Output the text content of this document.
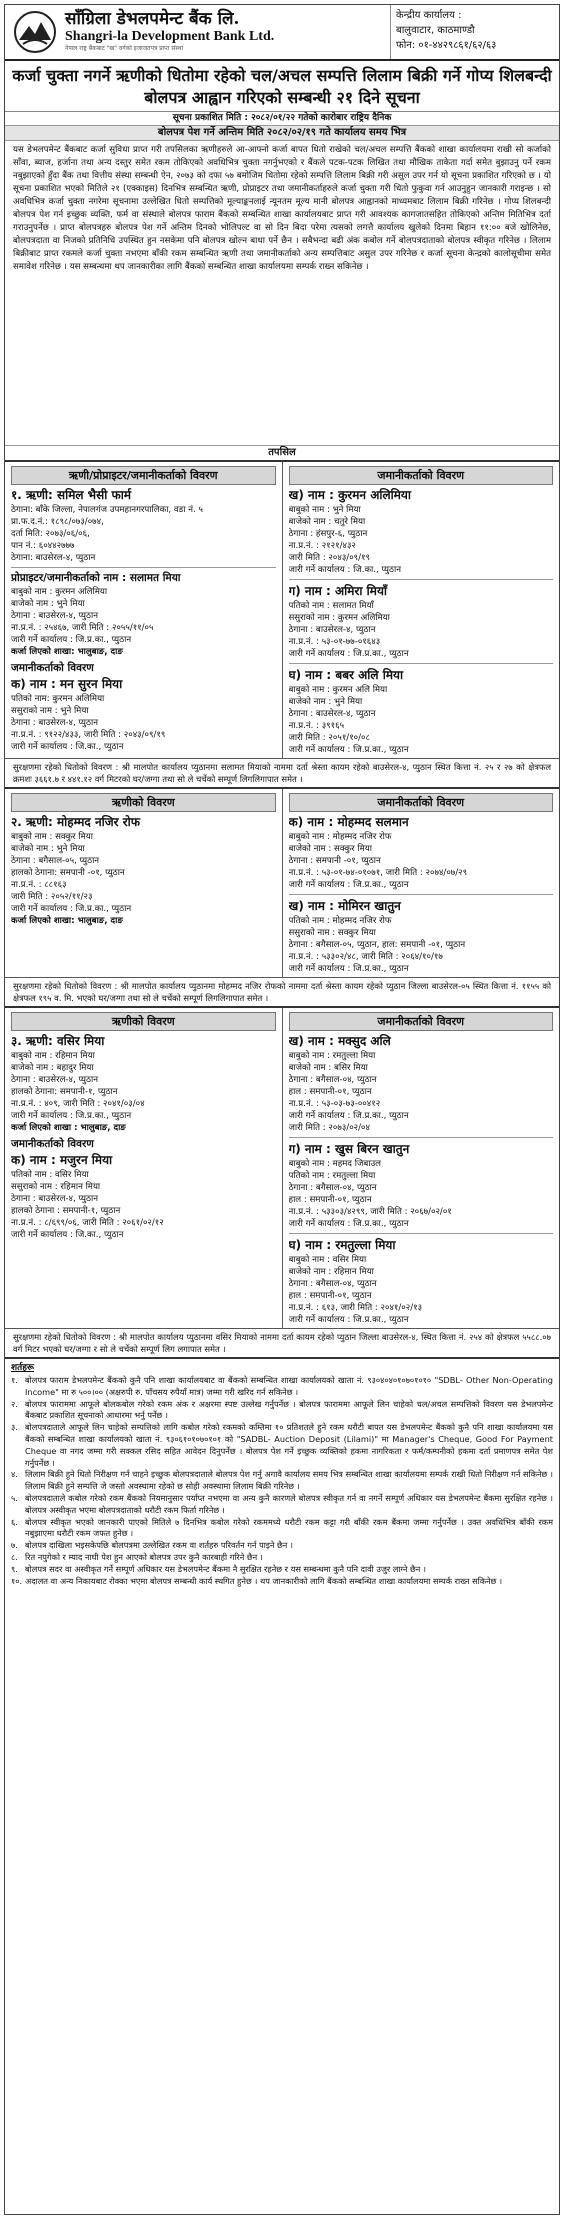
साँग्रिला डेभलपमेन्ट बैंक लि.
Shangri-la Development Bank Ltd.
नेपाल राष्ट्र बैंकबाट "ख" वर्गको इजाजतपत्र प्राप्त संस्था
केन्द्रीय कार्यालय :
बालुवाटार, काठमाण्डौ
फोन: ०१-४४२९८६१/६२/६३
कर्जा चुक्ता नगर्ने ऋणीको धितोमा रहेको चल/अचल सम्पत्ति लिलाम बिक्री गर्ने गोप्य शिलबन्दी बोलपत्र आह्वान गरिएको सम्बन्धी २१ दिने सूचना
सूचना प्रकाशित मिति : २०८२/०१/२२ गतेको कारोबार राष्ट्रिय दैनिक
बोलपत्र पेश गर्ने अन्तिम मिति २०८२/०२/१९ गते कार्यालय समय भित्र
यस डेभलपमेन्ट बैंकबाट कर्जा सुविधा प्राप्त गरी तपसिलका ऋणीहरुले आ-आफ्नो कर्जा बापत धितो राखेको चल/अचल सम्पत्ति बैंकको शाखा कार्यालयमा राखी सो कर्जाको साँवा, ब्याज, हर्जाना तथा अन्य दस्तुर समेत रकम तोकिएको अवधिभित्र चुक्ता नगर्नुभएको र बैंकले पटक-पटक लिखित तथा मौखिक ताकेता गर्दा समेत बुझाउनु पर्ने रकम नबुझाएको हुँदा बैंक तथा वित्तीय संस्था सम्बन्धी ऐन, २०७३ को दफा ५७ बमोजिम धितोमा रहेको सम्पत्ति लिलाम बिक्री गरी असुल उपर गर्न यो सूचना प्रकाशित गरिएको छ । यो सूचना प्रकाशित भएको मितिले २१ (एक्काइस) दिनभित्र सम्बन्धित ऋणी, प्रोप्राइटर तथा जमानीकर्ताहरुले कर्जा चुक्ता गरी धितो फुकुवा गर्न आउनुहुन जानकारी गराइन्छ । सो अवधिभित्र कर्जा चुक्ता नगरेमा सूचनामा उल्लेखित धितो सम्पत्तिको मूल्याङ्कनलाई न्यूनतम मूल्य मानी बोलपत्र आह्वानको माध्यमबाट लिलाम बिक्री गरिनेछ । गोप्य शिलबन्दी बोलपत्र पेश गर्न इच्छुक व्यक्ति, फर्म वा संस्थाले बोलपत्र फाराम बैंकको सम्बन्धित शाखा कार्यालयबाट प्राप्त गरी आवश्यक कागजातसहित तोकिएको अन्तिम मितिभित्र दर्ता गराउनुपर्नेछ । प्राप्त बोलपत्रहरु बोलपत्र पेश गर्ने अन्तिम दिनको भोलिपल्ट वा सो दिन बिदा परेमा त्यसको लगत्तै कार्यालय खुलेको दिनमा बिहान ११:०० बजे खोलिनेछ, बोलपत्रदाता वा निजको प्रतिनिधि उपस्थित हुन नसकेमा पनि बोलपत्र खोल्न बाधा पर्ने छैन । सबैभन्दा बढी अंक कबोल गर्ने बोलपत्रदाताको बोलपत्र स्वीकृत गरिनेछ । लिलाम बिक्रीबाट प्राप्त रकमले कर्जा चुक्ता नभएमा बाँकी रकम सम्बन्धित ऋणी तथा जमानीकर्ताको अन्य सम्पत्तिबाट असुल उपर गरिनेछ र कर्जा सूचना केन्द्रको कालोसूचीमा समेत समावेश गरिनेछ । यस सम्बन्धमा थप जानकारीका लागि बैंकको सम्बन्धित शाखा कार्यालयमा सम्पर्क राख्न सकिनेछ ।
तपसिल
ऋणी/प्रोप्राइटर/जमानीकर्ताको विवरण
१. ऋणी: समिल भैसी फार्म
ठेगाना: बाँके जिल्ला, नेपालगंज उपमहानगरपालिका, वडा नं. ५
प्रा.फ.द.नं.: १८९८/०७३/०७४,
दर्ता मिति: २०७३/०६/०६,
पान नं.: ६०४४२७७७
ठेगाना: बाउसेरल-४, प्युठान
प्रोप्राइटर/जमानीकर्ताको नाम : सलामत मिया
बाबुको नाम : कुरमन अलिमिया
बाजेको नाम : भुने मिया
ठेगाना : बाउसेरल-४, प्युठान
ना.प्र.नं. : २५४६७, जारी मिति : २०५५/११/०५
जारी गर्ने कार्यालय : जि.प्र.का., प्युठान
कर्जा लिएको शाखा: भालुबाङ, दाङ
जमानीकर्ताको विवरण
क) नाम : मन सुरन मिया
पतिको नाम: कुरमन अलिमिया
ससुराको नाम : भुने मिया
ठेगाना : बाउसेरल-४, प्युठान
ना.प्र.नं. : ९१२२/४३३, जारी मिति : २०४३/०९/१९
जारी गर्ने कार्यालय : जि.का., प्युठान
जमानीकर्ताको विवरण
ख) नाम : कुरमन अलिमिया
बाबुको नाम : भुने मिया
बाजेको नाम : चतुरे मिया
ठेगाना : हंसपुर-६, प्युठान
ना.प्र.नं. : २१२१/४३२
जारी मिति : २०४३/०९/१९
जारी गर्ने कार्यालय : जि.का., प्युठान
ग) नाम : अमिरा मियाँ
पतिको नाम : सलामत मियाँ
ससुराको नाम : कुरमन अलिमिया
ठेगाना : बाउसेरल-४, प्युठान
ना.प्र.नं. : ५३-०१-७७-०१६४३
जारी गर्ने कार्यालय : जि.प्र.का., प्युठान
घ) नाम : बबर अलि मिया
बाबुको नाम : कुरमन अलि मिया
बाजेको नाम : भुने मिया
ठेगाना : बाउसेरल-४, प्युठान
ना.प्र.नं. : ३९१६५
जारी मिति : २०५१/१०/०८
जारी गर्ने कार्यालय : जि.प्र.का., प्युठान
सुरक्षणमा रहेको धितोको विवरण : श्री मालपोत कार्यालय प्युठानमा सलामत मियाको नाममा दर्ता श्रेस्ता कायम रहेको बाउसेरल-४, प्युठान स्थित कित्ता नं. २५ र २७ को क्षेत्रफल क्रमशः ३६६१.७ र ४४१.१२ वर्ग मिटरको घर/जग्गा तथा सो ले चर्चेको सम्पूर्ण लिगलिगापात समेत ।
ऋणीको विवरण
२. ऋणी: मोहम्मद नजिर रोफ
बाबुको नाम : सक्कुर मिया
बाजेको नाम : भुने मिया
ठेगाना : बगैसाल-०५, प्युठान
हालको ठेगाना: समपानी -०१, प्युठान
ना.प्र.नं. : ८८१६३
जारी मिति : २०५२/११/२३
जारी गर्ने कार्यालय : जि.प्र.का., प्युठान
कर्जा लिएको शाखा: भालुबाङ, दाङ
जमानीकर्ताको विवरण
क) नाम : मोहम्मद सलमान
बाबुको नाम : मोहम्मद नजिर रोफ
बाजेको नाम : सक्कुर मिया
ठेगाना : समपानी -०१, प्युठान
ना.प्र.नं. : ५३-०१-७४-०१०७१, जारी मिति : २०७४/०७/२९
जारी गर्ने कार्यालय : जि.प्र.का., प्युठान
ख) नाम : मोमिरन खातुन
पतिको नाम : मोहम्मद नजिर रोफ
ससुराको नाम : सक्कुर मिया
ठेगाना : बगैसाल-०५, प्युठान, हाल: समपानी -०१, प्युठान
ना.प्र.नं. : ५३३०२/४८, जारी मिति : २०६४/१०/१७
जारी गर्ने कार्यालय : जि.प्र.का., प्युठान
सुरक्षणमा रहेको धितोको विवरण : श्री मालपोत कार्यालय प्युठानमा मोहम्मद नजिर रोफको नाममा दर्ता श्रेस्ता कायम रहेको प्युठान जिल्ला बाउसेरल-०५ स्थित कित्ता नं. ११५५ को क्षेत्रफल १९५ व. मि. भएको घर/जग्गा तथा सो ले चर्चेको सम्पूर्ण लिगलिगापात समेत ।
ऋणीको विवरण
३. ऋणी: वसिर मिया
बाबुको नाम : रहिमान मिया
बाजेको नाम : बहादुर मिया
ठेगाना : बाउसेरल-४, प्युठान
हालको ठेगाना: समपानी-१, प्युठान
ना.प्र.नं. : ४०९, जारी मिति : २०४१/०३/०४
जारी गर्ने कार्यालय : जि.प्र.का., प्युठान
कर्जा लिएको शाखा : भालुबाङ, दाङ
जमानीकर्ताको विवरण
क) नाम : मजुरन मिया
पतिको नाम : वसिर मिया
ससुराको नाम : रहिमान मिया
ठेगाना : बाउसेरल-४, प्युठान
हालको ठेगाना : समपानी-१, प्युठान
ना.प्र.नं. : ८/६९९/०६, जारी मिति : २०६१/०२/१२
जारी गर्ने कार्यालय : जि.का., प्युठान
जमानीकर्ताको विवरण
ख) नाम : मक्सुद अलि
बाबुको नाम : रमतुल्ला मिया
बाजेको नाम : बसिर मिया
ठेगाना : बगैसाल-०४, प्युठान
हाल : समपानी-०१, प्युठान
ना.प्र.नं. : ५३-०३-७३-००४१२
जारी गर्ने कार्यालय : जि.प्र.का., प्युठान
जारी मिति : २०७३/०२/०४
ग) नाम : खुस बिरन खातुन
बाबुको नाम : महमद जिबाउल
पतिको नाम : रमतुल्ला मिया
ठेगाना : बगैसाल-०४, प्युठान
हाल : समपानी-०१, प्युठान
ना.प्र.नं. : ५३३०३/४२९९, जारी मिति : २०६७/०२/०१
जारी गर्ने कार्यालय : जि.प्र.का., प्युठान
घ) नाम : रमतुल्ला मिया
बाबुको नाम : वसिर मिया
बाजेको नाम : रहिमान मिया
ठेगाना : बगैसाल-०४, प्युठान
हाल : समपानी-०१, प्युठान
ना.प्र.नं. : ६१३, जारी मिति : २०४१/०२/१३
जारी गर्ने कार्यालय : जि.प्र.का., प्युठान
सुरक्षणमा रहेको धितोको विवरण : श्री मालपोत कार्यालय प्युठानमा वसिर मियाको नाममा दर्ता कायम रहेको प्युठान जिल्ला बाउसेरल-४, स्थित कित्ता नं. २५४ को क्षेत्रफल ५५८८.०७ वर्ग मिटर भएको घर/जग्गा र सो ले चर्चेको सम्पूर्ण लिग लगापात समेत ।
शर्तहरू
१. बोलपत्र फाराम डेभलपमेन्ट बैंकको कुनै पनि शाखा कार्यालयबाट वा बैंकको सम्बन्धित शाखा कार्यालयको खाता नं. ९३०४०४०१०७०१०१० "SDBL- Other Non-Operating Income" मा रु ५००।०० (अक्षरुपी रु. पाँचसय रुपैयाँ मात्र) जम्मा गरी खरिद गर्न सकिनेछ ।
२. बोलपत्र फाराममा आफूले बोलकबोल गरेको रकम अंक र अक्षरमा स्पष्ट उल्लेख गर्नुपर्नेछ । बोलपत्र फाराममा आफूले लिन चाहेको चल/अचल सम्पत्तिको विवरण यस डेभलपमेन्ट बैंकबाट प्रकाशित सूचनाको आधारमा भर्नु पर्नेछ ।
३. बोलपत्रदाताले आफूले लिन चाहेको सम्पत्तिको लागि कबोल गरेको रकमको कम्तिमा १० प्रतिशतले हुने रकम धरौटी बापत यस डेभलपमेन्ट बैंकको कुनै पनि शाखा कार्यालयमा यस बैंकको सम्बन्धित शाखा कार्यालयको खाता नं. ९३०६१०१०७०१०१ को "SADBL- Auction Deposit (Lilami)" मा Manager's Cheque, Good For Payment Cheque वा नगद जम्मा गरी सक्कल रसिद सहित आवेदन दिनुपर्नेछ । बोलपत्र पेश गर्ने इच्छुक व्यक्तिको हकमा नागरिकता र फर्म/कम्पनीको हकमा दर्ता प्रमाणपत्र समेत पेश गर्नुपर्नेछ ।
४. लिलाम बिक्री हुने धितो निरीक्षण गर्न चाहने इच्छुक बोलपत्रदाताले बोलपत्र पेश गर्नु अगावै कार्यालय समय भित्र सम्बन्धित शाखा कार्यालयमा सम्पर्क राखी धितो निरीक्षण गर्न सकिनेछ । लिलाम बिक्री हुने सम्पत्ति जे जस्तो अवस्थामा रहेको छ सोही अवस्थामा लिलाम बिक्री गरिनेछ ।
५. बोलपत्रदाताले कबोल गरेको रकम बैंकको नियमानुसार पर्याप्त नभएमा वा अन्य कुनै कारणले बोलपत्र स्वीकृत गर्न वा नगर्ने सम्पूर्ण अधिकार यस डेभलपमेन्ट बैंकमा सुरक्षित रहनेछ । बोलपत्र अस्वीकृत भएमा बोलपत्रदाताको धरौटी रकम फिर्ता गरिनेछ ।
६. बोलपत्र स्वीकृत भएको जानकारी पाएको मितिले ७ दिनभित्र कबोल गरेको रकममध्ये धरौटी रकम कट्टा गरी बाँकी रकम बैंकमा जम्मा गर्नुपर्नेछ । उक्त अवधिभित्र बाँकी रकम नबुझाएमा धरौटी रकम जफत हुनेछ ।
७. बोलपत्र दाखिला भइसकेपछि बोलपत्रमा उल्लेखित रकम वा शर्तहरु परिवर्तन गर्न पाइने छैन ।
८. रित नपुगेको र म्याद नाघी पेश हुन आएको बोलपत्र उपर कुनै कारबाही गरिने छैन ।
९. बोलपत्र सदर वा अस्वीकृत गर्ने सम्पूर्ण अधिकार यस डेभलपमेन्ट बैंकमा नै सुरक्षित रहनेछ र यस सम्बन्धमा कुनै पनि दावी उजुर लाग्ने छैन ।
१०. अदालत वा अन्य निकायबाट रोक्का भएमा बोलपत्र सम्बन्धी कार्य स्थगित हुनेछ । थप जानकारीको लागि बैंकको सम्बन्धित शाखा कार्यालयमा सम्पर्क राख्न सकिनेछ ।
